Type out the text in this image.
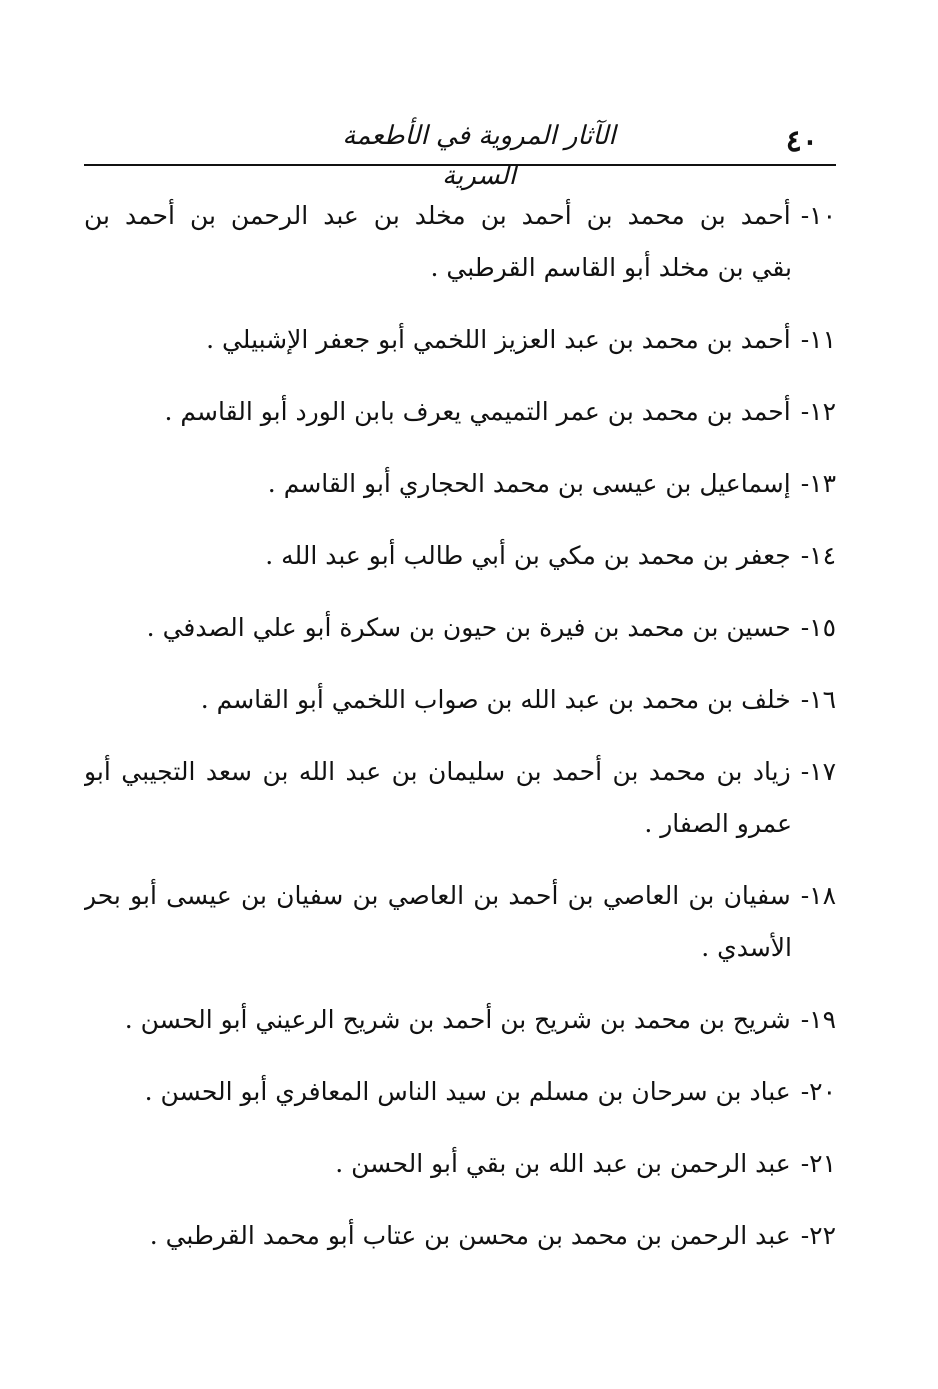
الآثار المروية في الأطعمة السرية
٤٠
١٠-أحمد بن محمد بن أحمد بن مخلد بن عبد الرحمن بن أحمد بن
بقي بن مخلد أبو القاسم القرطبي .
١١-أحمد بن محمد بن عبد العزيز اللخمي أبو جعفر الإشبيلي .
١٢-أحمد بن محمد بن عمر التميمي يعرف بابن الورد أبو القاسم .
١٣-إسماعيل بن عيسى بن محمد الحجاري أبو القاسم .
١٤-جعفر بن محمد بن مكي بن أبي طالب أبو عبد الله .
١٥-حسين بن محمد بن فيرة بن حيون بن سكرة أبو علي الصدفي .
١٦-خلف بن محمد بن عبد الله بن صواب اللخمي أبو القاسم .
١٧-زياد بن محمد بن أحمد بن سليمان بن عبد الله بن سعد التجيبي أبو
عمرو الصفار .
١٨-سفيان بن العاصي بن أحمد بن العاصي بن سفيان بن عيسى أبو بحر
الأسدي .
١٩-شريح بن محمد بن شريح بن أحمد بن شريح الرعيني أبو الحسن .
٢٠-عباد بن سرحان بن مسلم بن سيد الناس المعافري أبو الحسن .
٢١-عبد الرحمن بن عبد الله بن بقي أبو الحسن .
٢٢-عبد الرحمن بن محمد بن محسن بن عتاب أبو محمد القرطبي .
